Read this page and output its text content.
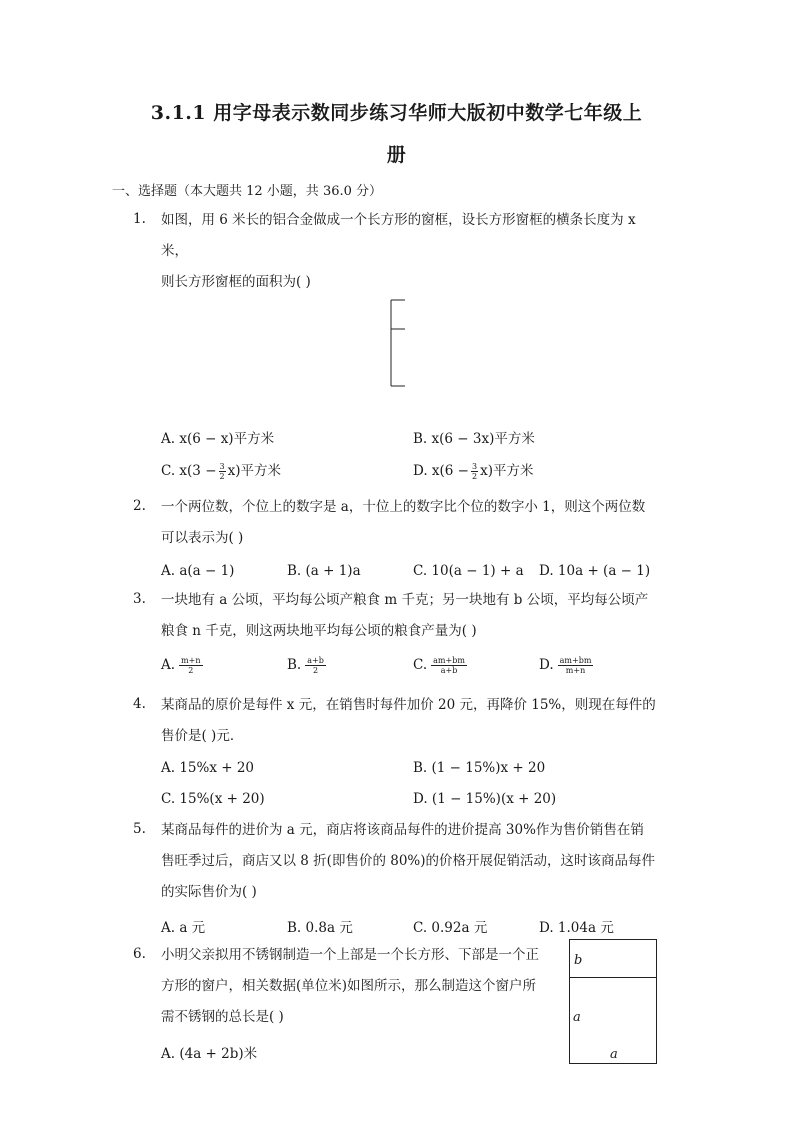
3.1.1 用字母表示数同步练习华师大版初中数学七年级上
册
一、选择题（本大题共 12 小题，共 36.0 分）
1.	如图，用 6 米长的铝合金做成一个长方形的窗框，设长方形窗框的横条长度为 x 米，
则长方形窗框的面积为( )
A. x(6 − x)平方米	B. x(6 − 3x)平方米
C. $x(3 - \frac{3}{2} x)$平方米	D. $x(6 - \frac{3}{2} x)$平方米
2.	一个两位数，个位上的数字是 a，十位上的数字比个位的数字小 1，则这个两位数
可以表示为( )
A. a(a − 1)	B. (a + 1)a	C. 10(a − 1) + a D. 10a + (a − 1)
3.	一块地有 a 公顷，平均每公顷产粮食 m 千克；另一块地有 b 公顷，平均每公顷产
粮食 n 千克，则这两块地平均每公顷的粮食产量为( )
A. $\frac{m+n}{2}$	B. $\frac{a+b}{2}$	C. $\frac{am+bm}{a+b}$	D. $\frac{am+bm}{m+n}$
4.	某商品的原价是每件 x 元，在销售时每件加价 20 元，再降价 15%，则现在每件的
售价是( )元．
A. 15%x + 20	B. (1 − 15%)x + 20
C. 15%(x + 20)	D. (1 − 15%)(x + 20)
5.	某商品每件的进价为 a 元，商店将该商品每件的进价提高 30%作为售价销售在销
售旺季过后，商店又以 8 折(即售价的 80%)的价格开展促销活动，这时该商品每件
的实际售价为( )
A. a 元	B. 0.8a 元	C. 0.92a 元	D. 1.04a 元
6.	小明父亲拟用不锈钢制造一个上部是一个长方形、下部是一个正
方形的窗户，相关数据(单位米)如图所示，那么制造这个窗户所
需不锈钢的总长是( )
A. (4a + 2b)米
b
a
a
